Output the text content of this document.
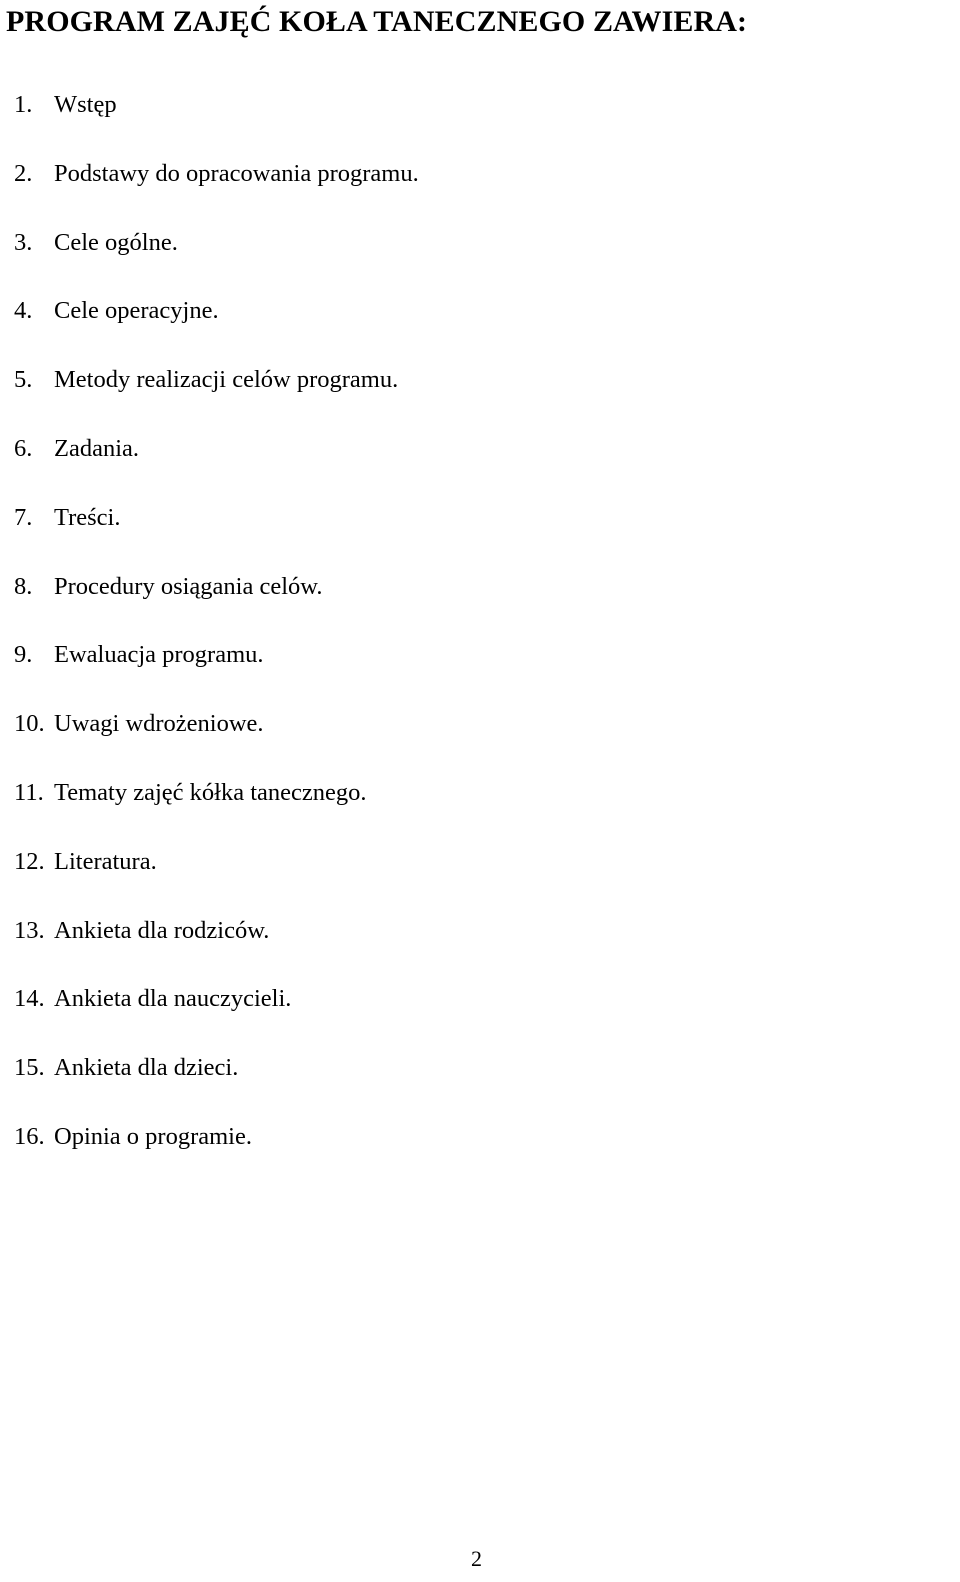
PROGRAM ZAJĘĆ KOŁA TANECZNEGO ZAWIERA:
1. Wstęp
2. Podstawy do opracowania programu.
3. Cele ogólne.
4. Cele operacyjne.
5. Metody realizacji celów programu.
6. Zadania.
7. Treści.
8. Procedury osiągania celów.
9. Ewaluacja programu.
10. Uwagi wdrożeniowe.
11. Tematy zajęć kółka tanecznego.
12. Literatura.
13. Ankieta dla rodziców.
14. Ankieta dla nauczycieli.
15. Ankieta dla dzieci.
16. Opinia o programie.
2
